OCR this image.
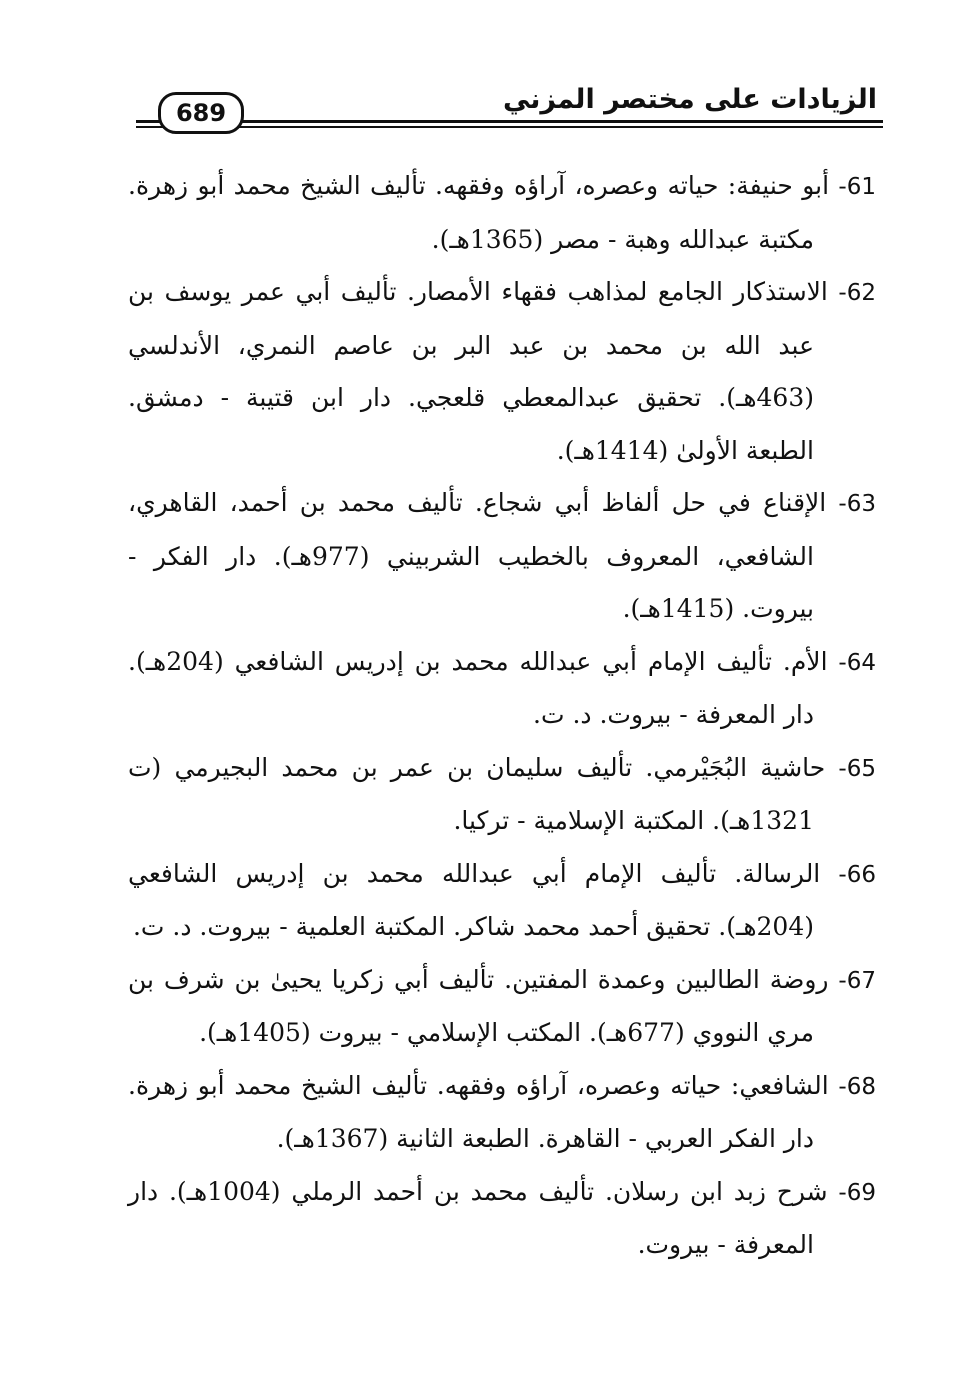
الزيادات على مختصر المزني
689

61- أبو حنيفة: حياته وعصره، آراؤه وفقهه. تأليف الشيخ محمد أبو زهرة. مكتبة عبدالله وهبة - مصر (1365هـ).

62- الاستذكار الجامع لمذاهب فقهاء الأمصار. تأليف أبي عمر يوسف بن عبد الله بن محمد بن عبد البر بن عاصم النمري، الأندلسي (463هـ). تحقيق عبدالمعطي قلعجي. دار ابن قتيبة - دمشق. الطبعة الأولىٰ (1414هـ).

63- الإقناع في حل ألفاظ أبي شجاع. تأليف محمد بن أحمد، القاهري، الشافعي، المعروف بالخطيب الشربيني (977هـ). دار الفكر - بيروت. (1415هـ).

64- الأم. تأليف الإمام أبي عبدالله محمد بن إدريس الشافعي (204هـ). دار المعرفة - بيروت. د. ت.

65- حاشية البُجَيْرمي. تأليف سليمان بن عمر بن محمد البجيرمي (ت 1321هـ). المكتبة الإسلامية - تركيا.

66- الرسالة. تأليف الإمام أبي عبدالله محمد بن إدريس الشافعي (204هـ). تحقيق أحمد محمد شاكر. المكتبة العلمية - بيروت. د. ت.

67- روضة الطالبين وعمدة المفتين. تأليف أبي زكريا يحيىٰ بن شرف بن مري النووي (677هـ). المكتب الإسلامي - بيروت (1405هـ).

68- الشافعي: حياته وعصره، آراؤه وفقهه. تأليف الشيخ محمد أبو زهرة. دار الفكر العربي - القاهرة. الطبعة الثانية (1367هـ).

69- شرح زبد ابن رسلان. تأليف محمد بن أحمد الرملي (1004هـ). دار المعرفة - بيروت.
